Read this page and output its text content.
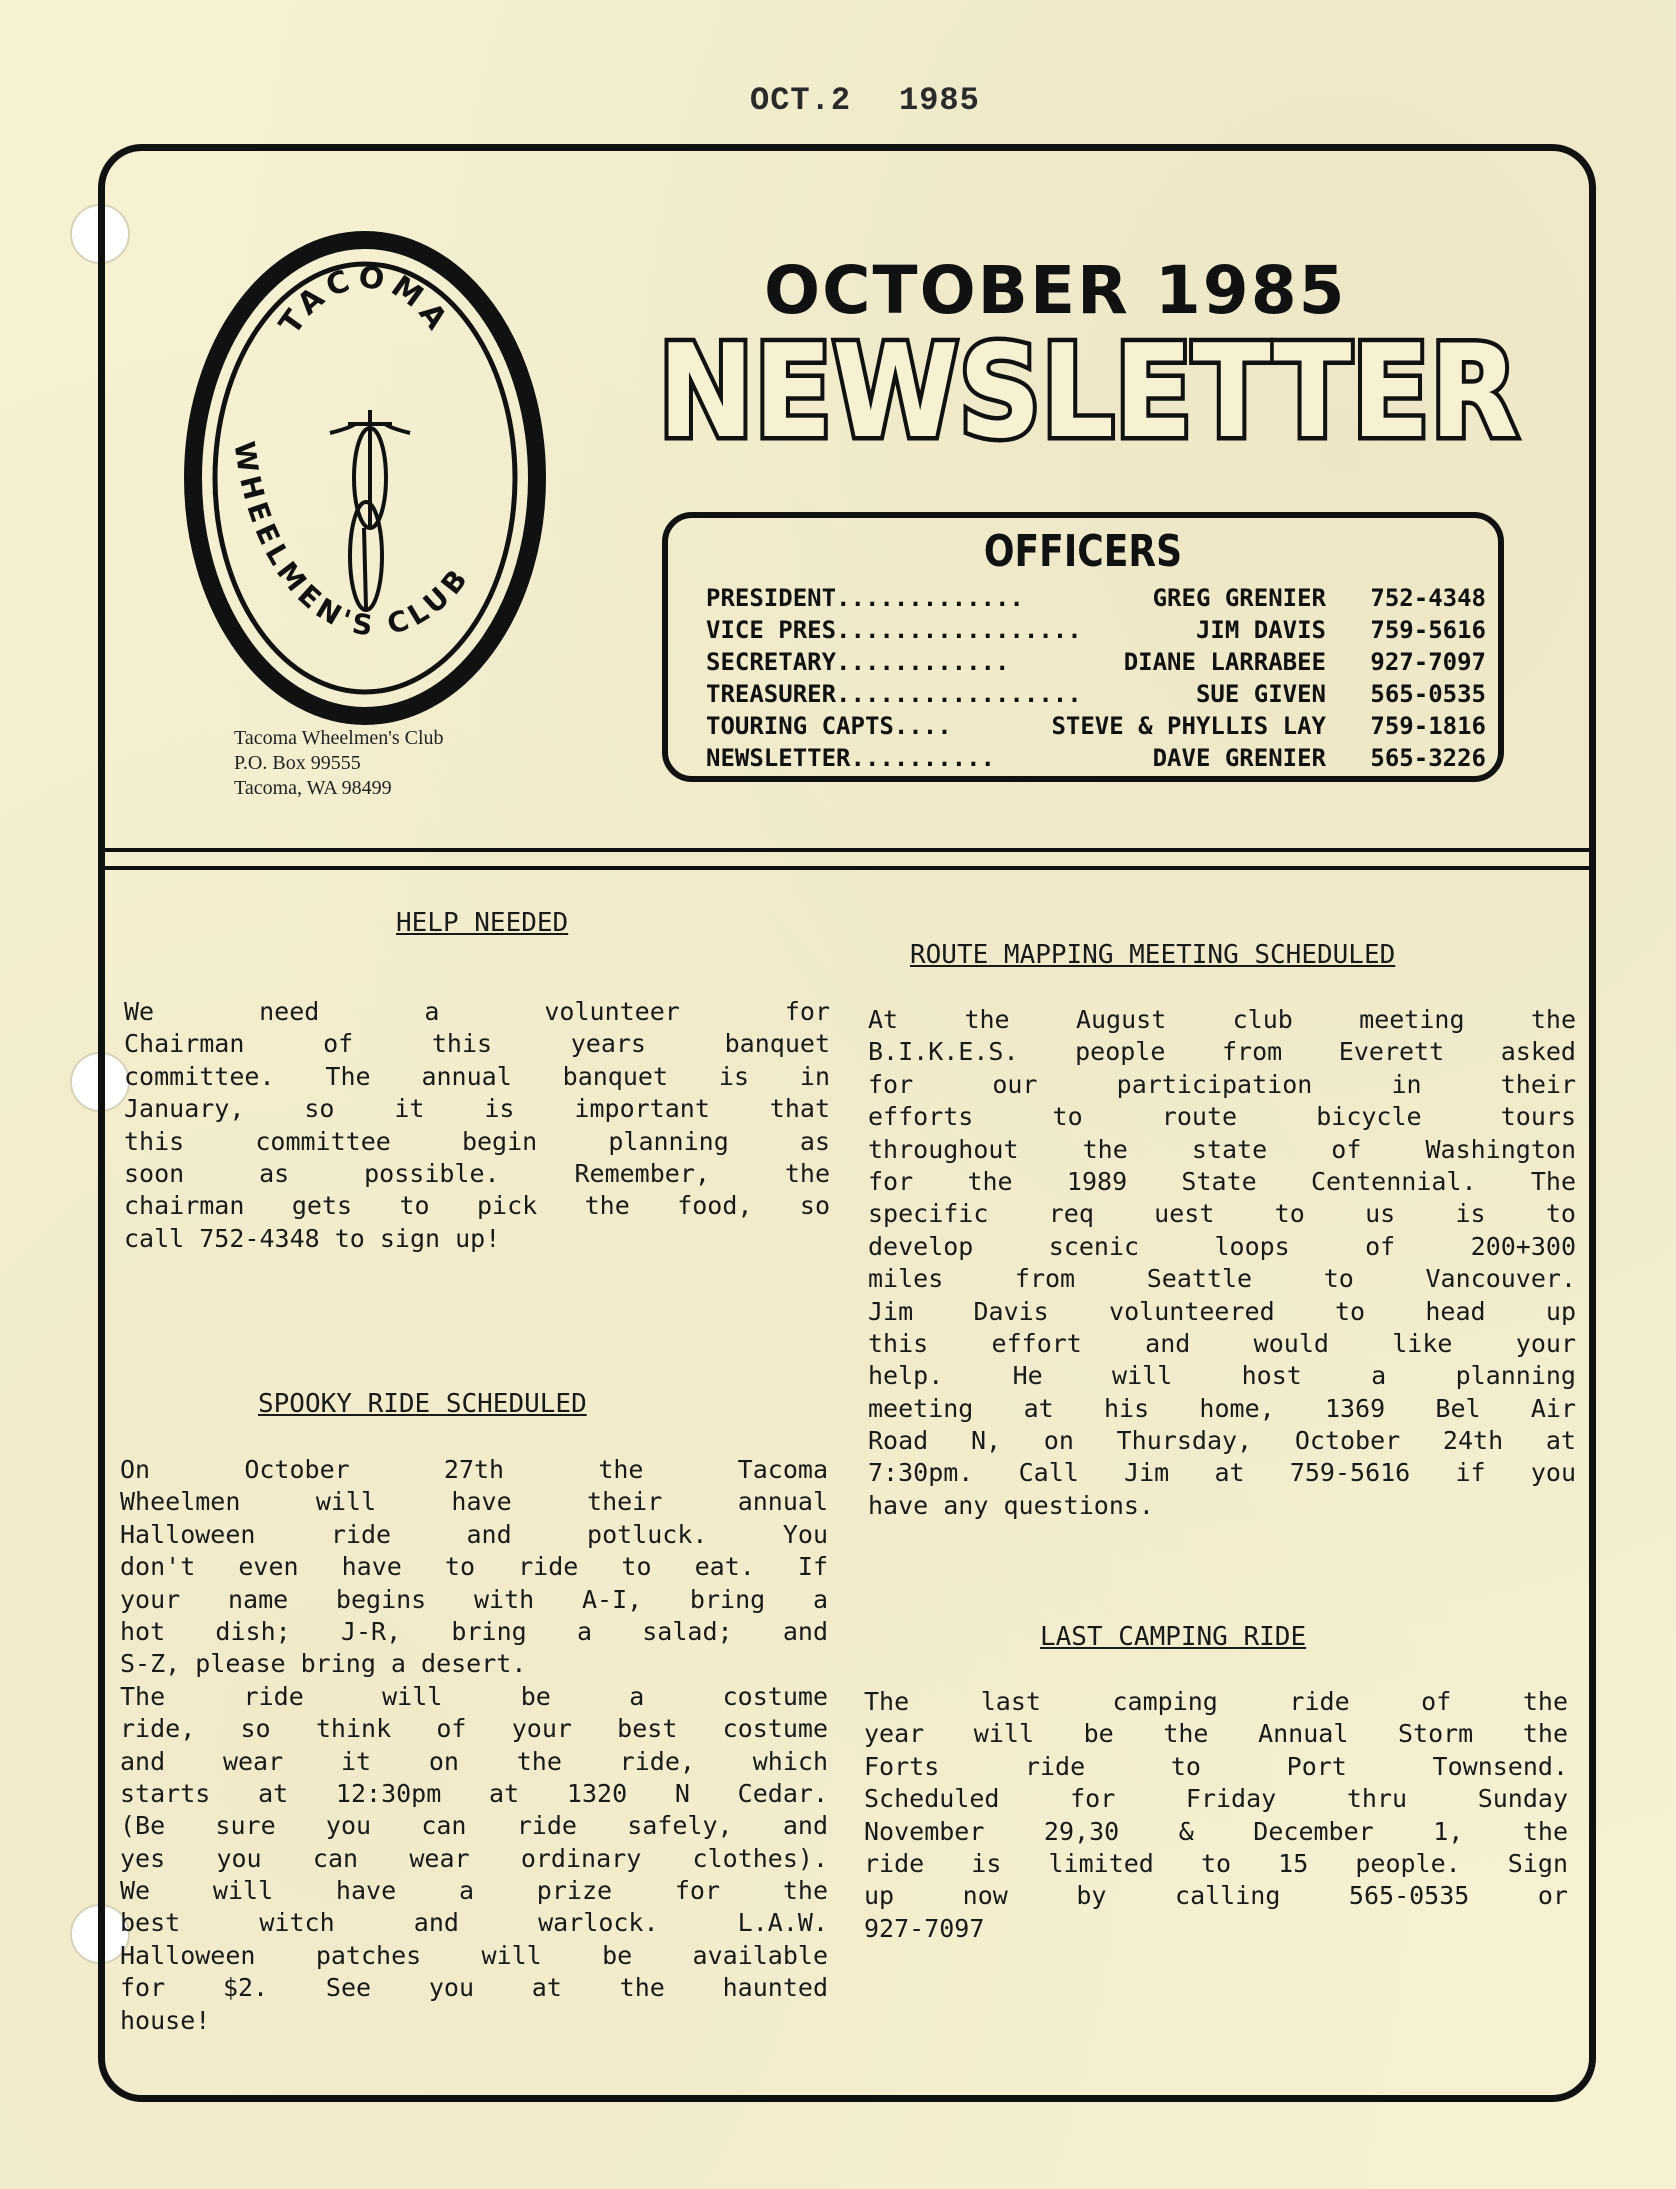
OCT.2 1985
TACOMA
WHEELMEN'S CLUB
Tacoma Wheelmen's Club
P.O. Box 99555
Tacoma, WA 98499
OCTOBER 1985
NEWSLETTER
OFFICERS
PRESIDENT.............	GREG GRENIER 752-4348
VICE PRES.................	JIM DAVIS 759-5616
SECRETARY............	DIANE LARRABEE 927-7097
TREASURER.................	SUE GIVEN 565-0535
TOURING CAPTS....	STEVE & PHYLLIS LAY 759-1816
NEWSLETTER..........	DAVE GRENIER 565-3226
HELP NEEDED
We need a volunteer for
Chairman of this years banquet
committee. The annual banquet is in
January, so it is important that
this committee begin planning as
soon as possible. Remember, the
chairman gets to pick the food, so
call 752-4348 to sign up!
SPOOKY RIDE SCHEDULED
On October 27th the Tacoma
Wheelmen will have their annual
Halloween ride and potluck. You
don't even have to ride to eat. If
your name begins with A-I, bring a
hot dish; J-R, bring a salad; and
S-Z, please bring a desert.
The ride will be a costume
ride, so think of your best costume
and wear it on the ride, which
starts at 12:30pm at 1320 N Cedar.
(Be sure you can ride safely, and
yes you can wear ordinary clothes).
We will have a prize for the
best witch and warlock. L.A.W.
Halloween patches will be available
for $2. See you at the haunted
house!
ROUTE MAPPING MEETING SCHEDULED
At the August club meeting the
B.I.K.E.S. people from Everett asked
for our participation in their
efforts to route bicycle tours
throughout the state of Washington
for the 1989 State Centennial. The
specific req uest to us is to
develop scenic loops of 200+300
miles from Seattle to Vancouver.
Jim Davis volunteered to head up
this effort and would like your
help. He will host a planning
meeting at his home, 1369 Bel Air
Road N, on Thursday, October 24th at
7:30pm. Call Jim at 759-5616 if you
have any questions.
LAST CAMPING RIDE
The last camping ride of the
year will be the Annual Storm the
Forts ride to Port Townsend.
Scheduled for Friday thru Sunday
November 29,30 & December 1, the
ride is limited to 15 people. Sign
up now by calling 565-0535 or
927-7097
